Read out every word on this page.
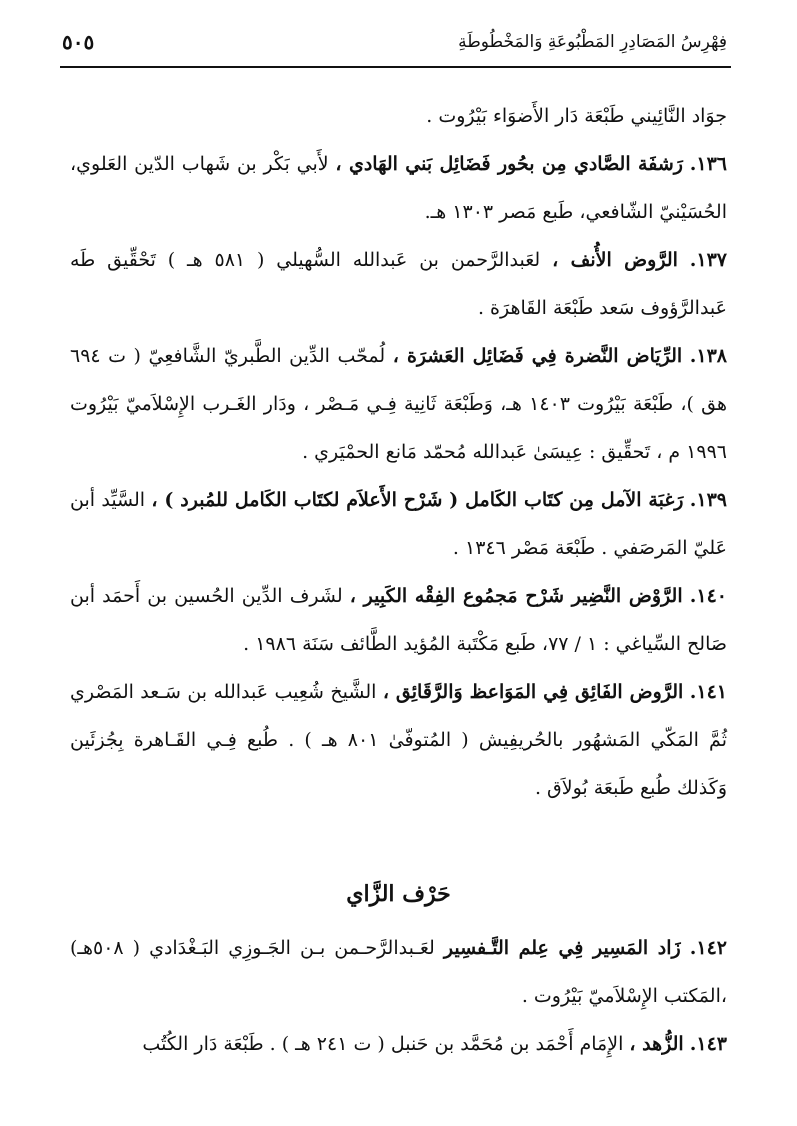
فِهْرِسُ المَصَادِرِ المَطْبُوعَةِ وَالمَخْطُوطَةِ
٥٠٥

جوَاد النَّائِيني طَبْعَة دَار الأَضوَاء بَيْرُوت .

١٣٦. رَشفَة الصَّادي مِن بحُور فَضَائِل بَني الهَادي ، لأَبي بَكْر بن شَهاب الدّين العَلوي، الحُسَيْنيّ الشّافعي، طَبع مَصر ١٣٠٣ هـ.

١٣٧. الرَّوض الأُنف ، لعَبدالرَّحمن بن عَبدالله السُّهيلي ( ٥٨١ هـ ) تَحْقِّيق طَه عَبدالرَّؤوف سَعد طَبْعَة القَاهرَة .

١٣٨. الرِّيَاض النَّضرة فِي فَضَائِل العَشرَة ، لُمحّب الدِّين الطَّبريّ الشَّافعِيّ ( ت ٦٩٤ هق )، طَبْعَة بَيْرُوت ١٤٠٣ هـ، وَطَبْعَة ثَانِية فِـي مَـصْر ، ودَار الغَـرب الإِسْلاَميّ بَيْرُوت ١٩٩٦ م ، تَحقِّيق : عِيسَىٰ عَبدالله مُحمّد مَانع الحمْيَري .

١٣٩. رَغبَة الآمل مِن كتَاب الكَامل ( شَرْح الأَعلاَم لكتَاب الكَامل للمُبرد ) ، السَّيِّد أبن عَليّ المَرصَفي . طَبْعَة مَصْر ١٣٤٦ .

١٤٠. الرَّوْض النَّضِير شَرْح مَجمُوع الفِقْه الكَبِير ، لشَرف الدِّين الحُسين بن أَحمَد أبن صَالح السِّياغي : ١ / ٧٧، طَبع مَكْتَبة المُؤيد الطَّائف سَنَة ١٩٨٦ .

١٤١. الرَّوض الفَائِق فِي المَوَاعظ وَالرَّقَائِق ، الشَّيخ شُعِيب عَبدالله بن سَـعد المَصْري ثُمَّ المَكّي المَشهُور بالحُريفِيش ( المُتوفّىٰ ٨٠١ هـ ) . طُبع فِـي القَـاهرة بِجُزئَين وَكَذلك طُبع طَبعَة بُولاَق .

حَرْف الزَّاي

١٤٢. زَاد المَسِير فِي عِلم التَّـفسِير لعَـبدالرَّحـمن بـن الجَـوزِي البَـغْدَادي ( ٥٠٨هـ) ،المَكتب الإِسْلاَميّ بَيْرُوت .

١٤٣. الزُّهد ، الإِمَام أَحْمَد بن مُحَمَّد بن حَنبل ( ت ٢٤١ هـ ) . طَبْعَة دَار الكُتُب
